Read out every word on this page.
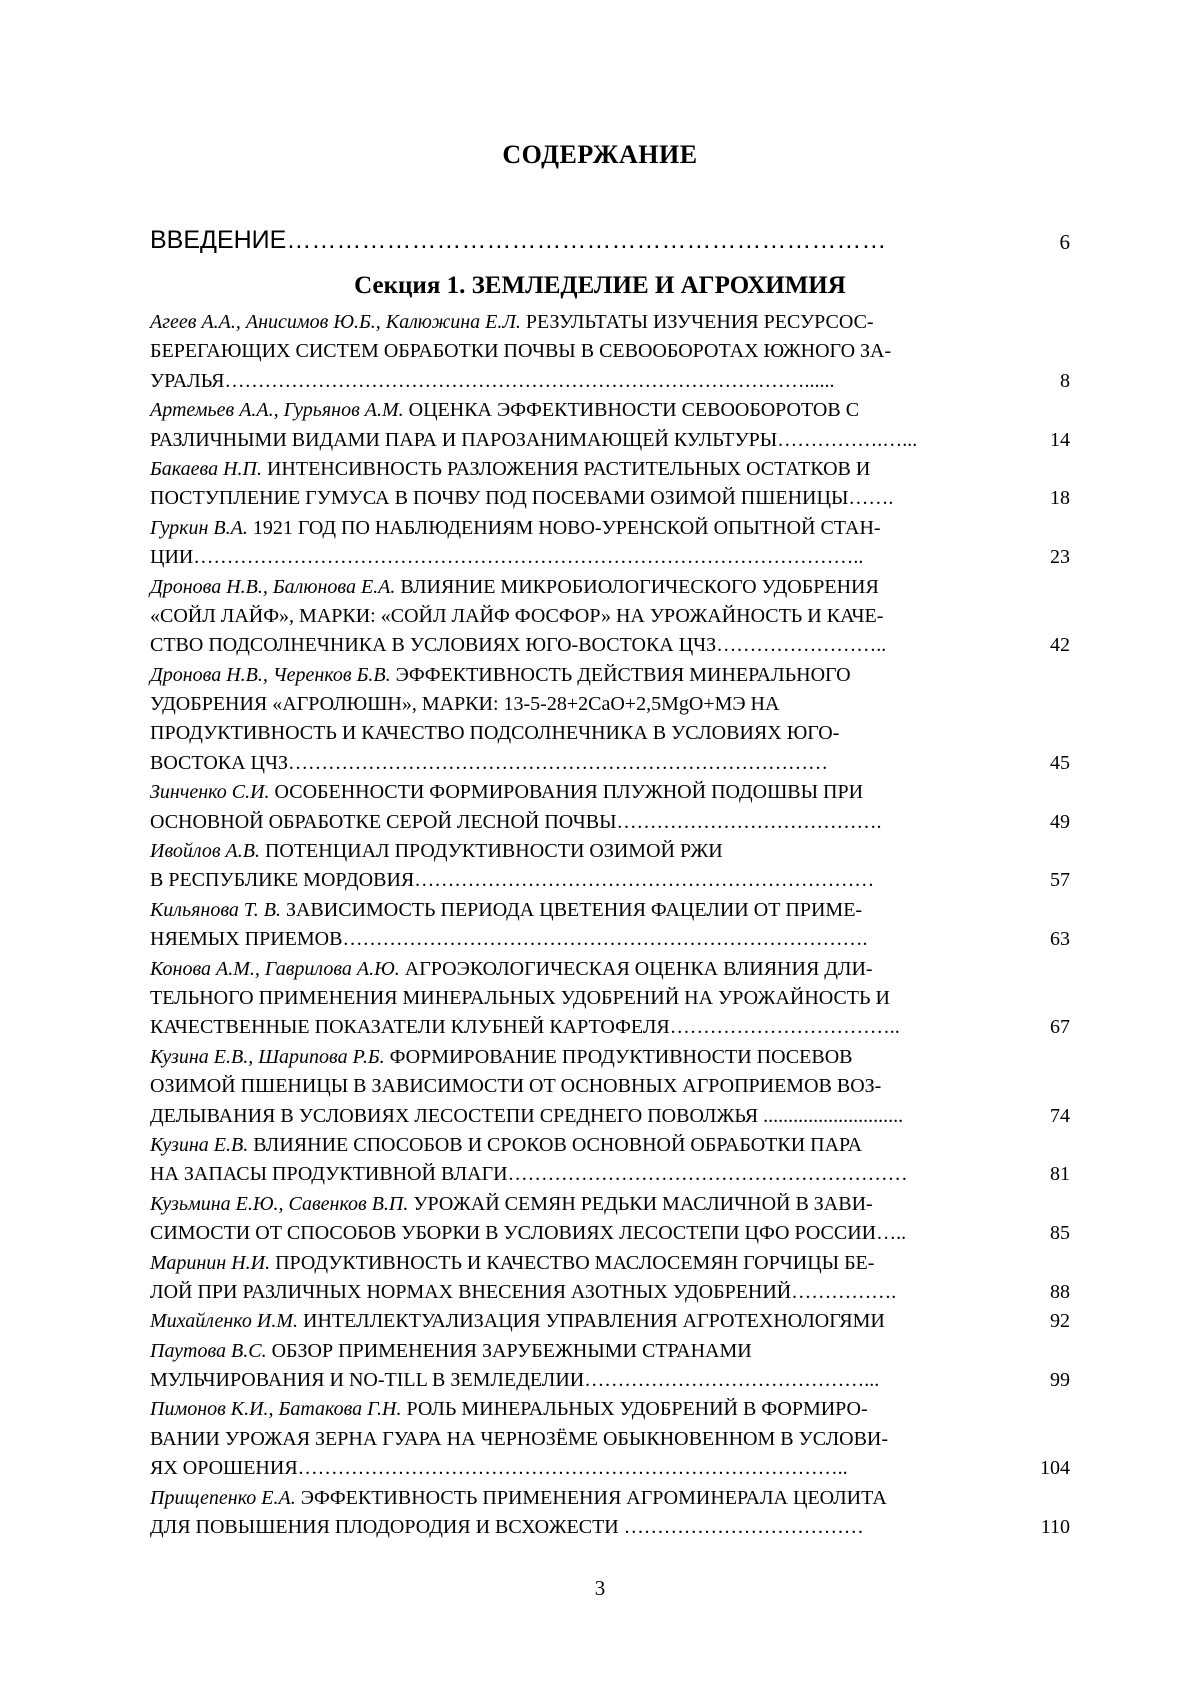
СОДЕРЖАНИЕ
ВВЕДЕНИЕ………………………………………………………………	6
Секция 1. ЗЕМЛЕДЕЛИЕ И АГРОХИМИЯ
Агеев А.А., Анисимов Ю.Б., Калюжина Е.Л. РЕЗУЛЬТАТЫ ИЗУЧЕНИЯ РЕСУРСОС-
БЕРЕГАЮЩИХ СИСТЕМ ОБРАБОТКИ ПОЧВЫ В СЕВООБОРОТАХ ЮЖНОГО ЗА-
УРАЛЬЯ……………………………………………………………………………......	8
Артемьев А.А., Гурьянов А.М. ОЦЕНКА ЭФФЕКТИВНОСТИ СЕВООБОРОТОВ С
РАЗЛИЧНЫМИ ВИДАМИ ПАРА И ПАРОЗАНИМАЮЩЕЙ КУЛЬТУРЫ…………….…...	14
Бакаева Н.П. ИНТЕНСИВНОСТЬ РАЗЛОЖЕНИЯ РАСТИТЕЛЬНЫХ ОСТАТКОВ И
ПОСТУПЛЕНИЕ ГУМУСА В ПОЧВУ ПОД ПОСЕВАМИ ОЗИМОЙ ПШЕНИЦЫ…….	18
Гуркин В.А. 1921 ГОД ПО НАБЛЮДЕНИЯМ НОВО-УРЕНСКОЙ ОПЫТНОЙ СТАН-
ЦИИ………………………………………………………………………………………..	23
Дронова Н.В., Балюнова Е.А. ВЛИЯНИЕ МИКРОБИОЛОГИЧЕСКОГО УДОБРЕНИЯ
«СОЙЛ ЛАЙФ», МАРКИ: «СОЙЛ ЛАЙФ ФОСФОР» НА УРОЖАЙНОСТЬ И КАЧЕ-
СТВО ПОДСОЛНЕЧНИКА В УСЛОВИЯХ ЮГО-ВОСТОКА ЦЧЗ……………………..	42
Дронова Н.В., Черенков Б.В. ЭФФЕКТИВНОСТЬ ДЕЙСТВИЯ МИНЕРАЛЬНОГО
УДОБРЕНИЯ «АГРОЛЮШН», МАРКИ: 13-5-28+2CaO+2,5MgO+МЭ НА
ПРОДУКТИВНОСТЬ И КАЧЕСТВО ПОДСОЛНЕЧНИКА В УСЛОВИЯХ ЮГО-
ВОСТОКА ЦЧЗ………………………………………………………………………	45
Зинченко С.И. ОСОБЕННОСТИ ФОРМИРОВАНИЯ ПЛУЖНОЙ ПОДОШВЫ ПРИ
ОСНОВНОЙ ОБРАБОТКЕ СЕРОЙ ЛЕСНОЙ ПОЧВЫ………………………………….	49
Ивойлов А.В. ПОТЕНЦИАЛ ПРОДУКТИВНОСТИ ОЗИМОЙ РЖИ
В РЕСПУБЛИКЕ МОРДОВИЯ……………………………………………………………	57
Кильянова Т. В. ЗАВИСИМОСТЬ ПЕРИОДА ЦВЕТЕНИЯ ФАЦЕЛИИ ОТ ПРИМЕ-
НЯЕМЫХ ПРИЕМОВ…………………………………………………………………….	63
Конова А.М., Гаврилова А.Ю. АГРОЭКОЛОГИЧЕСКАЯ ОЦЕНКА ВЛИЯНИЯ ДЛИ-
ТЕЛЬНОГО ПРИМЕНЕНИЯ МИНЕРАЛЬНЫХ УДОБРЕНИЙ НА УРОЖАЙНОСТЬ И
КАЧЕСТВЕННЫЕ ПОКАЗАТЕЛИ КЛУБНЕЙ КАРТОФЕЛЯ……………………………..	67
Кузина Е.В., Шарипова Р.Б. ФОРМИРОВАНИЕ ПРОДУКТИВНОСТИ ПОСЕВОВ
ОЗИМОЙ ПШЕНИЦЫ В ЗАВИСИМОСТИ ОТ ОСНОВНЫХ АГРОПРИЕМОВ ВОЗ-
ДЕЛЫВАНИЯ В УСЛОВИЯХ ЛЕСОСТЕПИ СРЕДНЕГО ПОВОЛЖЬЯ ............................	74
Кузина Е.В. ВЛИЯНИЕ СПОСОБОВ И СРОКОВ ОСНОВНОЙ ОБРАБОТКИ ПАРА
НА ЗАПАСЫ ПРОДУКТИВНОЙ ВЛАГИ……………………………………………………	81
Кузьмина Е.Ю., Савенков В.П. УРОЖАЙ СЕМЯН РЕДЬКИ МАСЛИЧНОЙ В ЗАВИ-
СИМОСТИ ОТ СПОСОБОВ УБОРКИ В УСЛОВИЯХ ЛЕСОСТЕПИ ЦФО РОССИИ…..	85
Маринин Н.И. ПРОДУКТИВНОСТЬ И КАЧЕСТВО МАСЛОСЕМЯН ГОРЧИЦЫ БЕ-
ЛОЙ ПРИ РАЗЛИЧНЫХ НОРМАХ ВНЕСЕНИЯ АЗОТНЫХ УДОБРЕНИЙ…………….	88
Михайленко И.М. ИНТЕЛЛЕКТУАЛИЗАЦИЯ УПРАВЛЕНИЯ АГРОТЕХНОЛОГЯМИ	92
Паутова В.С. ОБЗОР ПРИМЕНЕНИЯ ЗАРУБЕЖНЫМИ СТРАНАМИ
МУЛЬЧИРОВАНИЯ И NO-TILL В ЗЕМЛЕДЕЛИИ……………………………………...	99
Пимонов К.И., Батакова Г.Н. РОЛЬ МИНЕРАЛЬНЫХ УДОБРЕНИЙ В ФОРМИРО-
ВАНИИ УРОЖАЯ ЗЕРНА ГУАРА НА ЧЕРНОЗЁМЕ ОБЫКНОВЕННОМ В УСЛОВИ-
ЯХ ОРОШЕНИЯ………………………………………………………………………..	104
Прищепенко Е.А. ЭФФЕКТИВНОСТЬ ПРИМЕНЕНИЯ АГРОМИНЕРАЛА ЦЕОЛИТА
ДЛЯ ПОВЫШЕНИЯ ПЛОДОРОДИЯ И ВСХОЖЕСТИ ………………………………	110
3
